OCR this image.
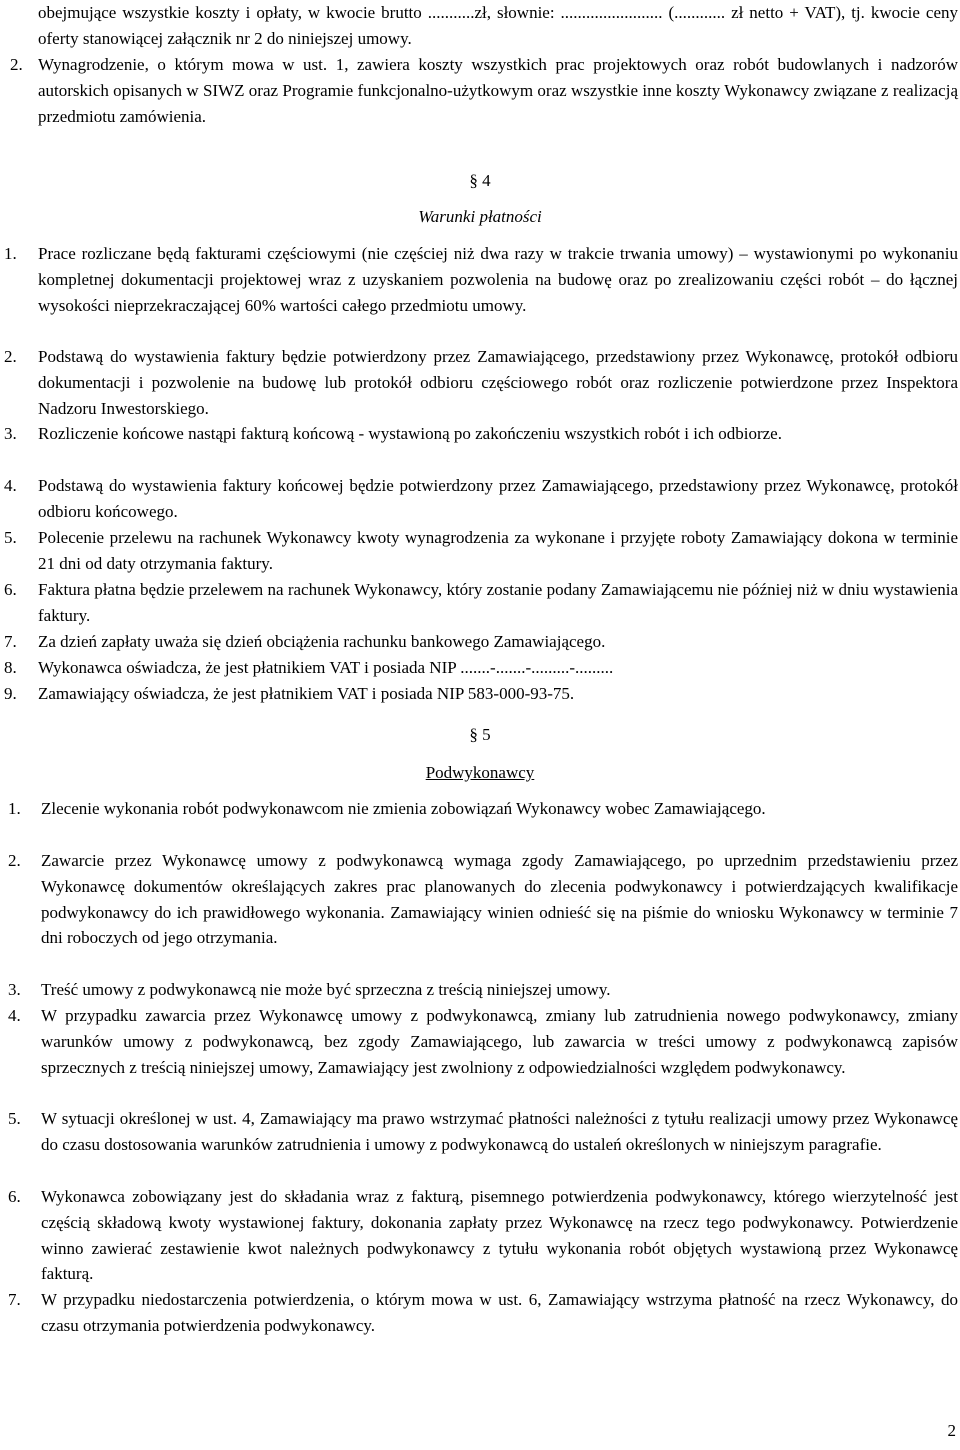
obejmujące wszystkie koszty i opłaty, w kwocie brutto ...........zł, słownie: ........................ (............ zł netto + VAT), tj. kwocie ceny oferty stanowiącej załącznik nr 2 do niniejszej umowy.
2. Wynagrodzenie, o którym mowa w ust. 1, zawiera koszty wszystkich prac projektowych oraz robót budowlanych i nadzorów autorskich opisanych w SIWZ oraz Programie funkcjonalno-użytkowym oraz wszystkie inne koszty Wykonawcy związane z realizacją przedmiotu zamówienia.
§ 4
Warunki płatności
1. Prace rozliczane będą fakturami częściowymi (nie częściej niż dwa razy w trakcie trwania umowy) – wystawionymi po wykonaniu kompletnej dokumentacji projektowej wraz z uzyskaniem pozwolenia na budowę oraz po zrealizowaniu części robót – do łącznej wysokości nieprzekraczającej 60% wartości całego przedmiotu umowy.
2. Podstawą do wystawienia faktury będzie potwierdzony przez Zamawiającego, przedstawiony przez Wykonawcę, protokół odbioru dokumentacji i pozwolenie na budowę lub protokół odbioru częściowego robót oraz rozliczenie potwierdzone przez Inspektora Nadzoru Inwestorskiego.
3. Rozliczenie końcowe nastąpi fakturą końcową - wystawioną po zakończeniu wszystkich robót i ich odbiorze.
4. Podstawą do wystawienia faktury końcowej będzie potwierdzony przez Zamawiającego, przedstawiony przez Wykonawcę, protokół odbioru końcowego.
5. Polecenie przelewu na rachunek Wykonawcy kwoty wynagrodzenia za wykonane i przyjęte roboty Zamawiający dokona w terminie 21 dni od daty otrzymania faktury.
6. Faktura płatna będzie przelewem na rachunek Wykonawcy, który zostanie podany Zamawiającemu nie później niż w dniu wystawienia faktury.
7. Za dzień zapłaty uważa się dzień obciążenia rachunku bankowego Zamawiającego.
8. Wykonawca oświadcza, że jest płatnikiem VAT i posiada NIP .......-.......-.........-.........
9. Zamawiający oświadcza, że jest płatnikiem VAT i posiada NIP 583-000-93-75.
§ 5
Podwykonawcy
1. Zlecenie wykonania robót podwykonawcom nie zmienia zobowiązań Wykonawcy wobec Zamawiającego.
2. Zawarcie przez Wykonawcę umowy z podwykonawcą wymaga zgody Zamawiającego, po uprzednim przedstawieniu przez Wykonawcę dokumentów określających zakres prac planowanych do zlecenia podwykonawcy i potwierdzających kwalifikacje podwykonawcy do ich prawidłowego wykonania. Zamawiający winien odnieść się na piśmie do wniosku Wykonawcy w terminie 7 dni roboczych od jego otrzymania.
3. Treść umowy z podwykonawcą nie może być sprzeczna z treścią niniejszej umowy.
4. W przypadku zawarcia przez Wykonawcę umowy z podwykonawcą, zmiany lub zatrudnienia nowego podwykonawcy, zmiany warunków umowy z podwykonawcą, bez zgody Zamawiającego, lub zawarcia w treści umowy z podwykonawcą zapisów sprzecznych z treścią niniejszej umowy, Zamawiający jest zwolniony z odpowiedzialności względem podwykonawcy.
5. W sytuacji określonej w ust. 4, Zamawiający ma prawo wstrzymać płatności należności z tytułu realizacji umowy przez Wykonawcę do czasu dostosowania warunków zatrudnienia i umowy z podwykonawcą do ustaleń określonych w niniejszym paragrafie.
6. Wykonawca zobowiązany jest do składania wraz z fakturą, pisemnego potwierdzenia podwykonawcy, którego wierzytelność jest częścią składową kwoty wystawionej faktury, dokonania zapłaty przez Wykonawcę na rzecz tego podwykonawcy. Potwierdzenie winno zawierać zestawienie kwot należnych podwykonawcy z tytułu wykonania robót objętych wystawioną przez Wykonawcę fakturą.
7. W przypadku niedostarczenia potwierdzenia, o którym mowa w ust. 6, Zamawiający wstrzyma płatność na rzecz Wykonawcy, do czasu otrzymania potwierdzenia podwykonawcy.
2
